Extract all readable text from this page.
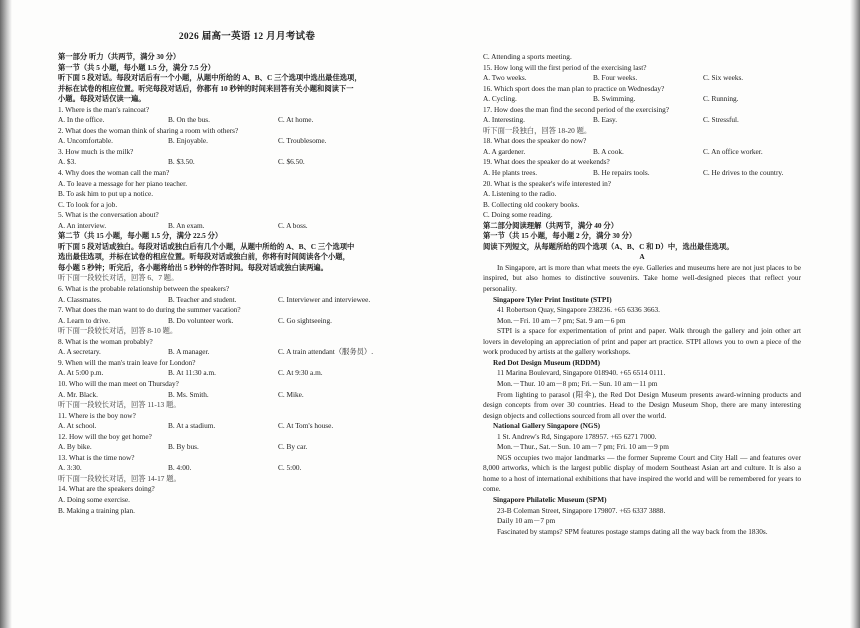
2026 届高一英语 12 月月考试卷
第一部分 听力（共两节，满分 30 分）
第一节（共 5 小题，每小题 1.5 分，满分 7.5 分）
听下面 5 段对话。每段对话后有一个小题，从题中所给的 A、B、C 三个选项中选出最佳选项，
并标在试卷的相应位置。听完每段对话后，你都有 10 秒钟的时间来回答有关小题和阅读下一
小题。每段对话仅读一遍。
1. Where is the man's raincoat?
A. In the office.	B. On the bus.	C. At home.
2. What does the woman think of sharing a room with others?
A. Uncomfortable.	B. Enjoyable.	C. Troublesome.
3. How much is the milk?
A. $3.	B. $3.50.	C. $6.50.
4. Why does the woman call the man?
A. To leave a message for her piano teacher.
B. To ask him to put up a notice.
C. To look for a job.
5. What is the conversation about?
A. An interview.	B. An exam.	C. A boss.
第二节（共 15 小题，每小题 1.5 分，满分 22.5 分）
听下面 5 段对话或独白。每段对话或独白后有几个小题，从题中所给的 A、B、C 三个选项中
选出最佳选项，并标在试卷的相应位置。听每段对话或独白前，你将有时间阅读各个小题，
每小题 5 秒钟；听完后，各小题将给出 5 秒钟的作答时间。每段对话或独白读两遍。
听下面一段较长对话，回答 6、7 题。
6. What is the probable relationship between the speakers?
A. Classmates.	B. Teacher and student.	C. Interviewer and interviewee.
7. What does the man want to do during the summer vacation?
A. Learn to drive.	B. Do volunteer work.	C. Go sightseeing.
听下面一段较长对话，回答 8-10 题。
8. What is the woman probably?
A. A secretary.	B. A manager.	C. A train attendant（服务员）.
9. When will the man's train leave for London?
A. At 5:00 p.m.	B. At 11:30 a.m.	C. At 9:30 a.m.
10. Who will the man meet on Thursday?
A. Mr. Black.	B. Ms. Smith.	C. Mike.
听下面一段较长对话，回答 11-13 题。
11. Where is the boy now?
A. At school.	B. At a stadium.	C. At Tom's house.
12. How will the boy get home?
A. By bike.	B. By bus.	C. By car.
13. What is the time now?
A. 3:30.	B. 4:00.	C. 5:00.
听下面一段较长对话，回答 14-17 题。
14. What are the speakers doing?
A. Doing some exercise.
B. Making a training plan.
C. Attending a sports meeting.
15. How long will the first period of the exercising last?
A. Two weeks.	B. Four weeks.	C. Six weeks.
16. Which sport does the man plan to practice on Wednesday?
A. Cycling.	B. Swimming.	C. Running.
17. How does the man find the second period of the exercising?
A. Interesting.	B. Easy.	C. Stressful.
听下面一段独白，回答 18-20 题。
18. What does the speaker do now?
A. A gardener.	B. A cook.	C. An office worker.
19. What does the speaker do at weekends?
A. He plants trees.	B. He repairs tools.	C. He drives to the country.
20. What is the speaker's wife interested in?
A. Listening to the radio.
B. Collecting old cookery books.
C. Doing some reading.
第二部分阅读理解（共两节，满分 40 分）
第一节（共 15 小题，每小题 2 分，满分 30 分）
阅读下列短文，从每题所给的四个选项（A、B、C 和 D）中，选出最佳选项。
A
In Singapore, art is more than what meets the eye. Galleries and museums here are not just places to be inspired, but also homes to distinctive souvenirs. Take home well-designed pieces that reflect your personality.
Singapore Tyler Print Institute (STPI)
41 Robertson Quay, Singapore 238236. +65 6336 3663.
Mon.－Fri. 10 am－7 pm; Sat. 9 am－6 pm
STPI is a space for experimentation of print and paper. Walk through the gallery and join other art lovers in developing an appreciation of print and paper art practice. STPI allows you to own a piece of the work produced by artists at the gallery workshops.
Red Dot Design Museum (RDDM)
11 Marina Boulevard, Singapore 018940. +65 6514 0111.
Mon.－Thur. 10 am－8 pm; Fri.－Sun. 10 am－11 pm
From lighting to parasol (阳伞), the Red Dot Design Museum presents award-winning products and design concepts from over 30 countries. Head to the Design Museum Shop, there are many interesting design objects and collections sourced from all over the world.
National Gallery Singapore (NGS)
1 St. Andrew's Rd, Singapore 178957. +65 6271 7000.
Mon.－Thur., Sat.－Sun. 10 am－7 pm; Fri. 10 am－9 pm
NGS occupies two major landmarks — the former Supreme Court and City Hall — and features over 8,000 artworks, which is the largest public display of modern Southeast Asian art and culture. It is also a home to a host of international exhibitions that have inspired the world and will be remembered for years to come.
Singapore Philatelic Museum (SPM)
23-B Coleman Street, Singapore 179807. +65 6337 3888.
Daily 10 am－7 pm
Fascinated by stamps? SPM features postage stamps dating all the way back from the 1830s.
